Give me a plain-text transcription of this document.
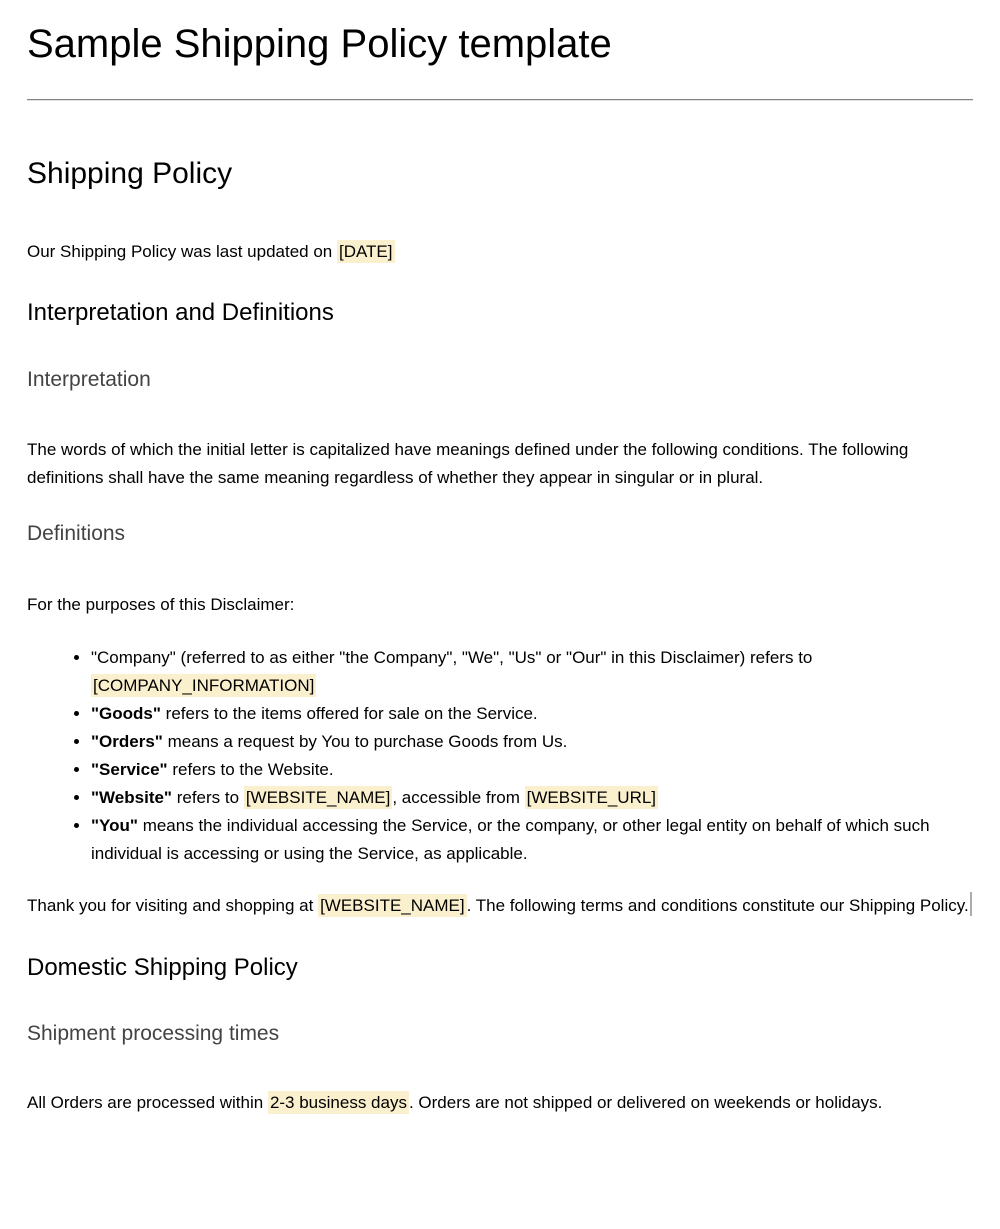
Sample Shipping Policy template
Shipping Policy

Our Shipping Policy was last updated on [DATE]

Interpretation and Definitions
Interpretation

The words of which the initial letter is capitalized have meanings defined under the following conditions. The following definitions shall have the same meaning regardless of whether they appear in singular or in plural.

Definitions

For the purposes of this Disclaimer:

• "Company" (referred to as either "the Company", "We", "Us" or "Our" in this Disclaimer) refers to [COMPANY_INFORMATION]
• "Goods" refers to the items offered for sale on the Service.
• "Orders" means a request by You to purchase Goods from Us.
• "Service" refers to the Website.
• "Website" refers to [WEBSITE_NAME] , accessible from [WEBSITE_URL]
• "You" means the individual accessing the Service, or the company, or other legal entity on behalf of which such individual is accessing or using the Service, as applicable.

Thank you for visiting and shopping at [WEBSITE_NAME] . The following terms and conditions constitute our Shipping Policy.

Domestic Shipping Policy
Shipment processing times

All Orders are processed within 2-3 business days . Orders are not shipped or delivered on weekends or holidays.
